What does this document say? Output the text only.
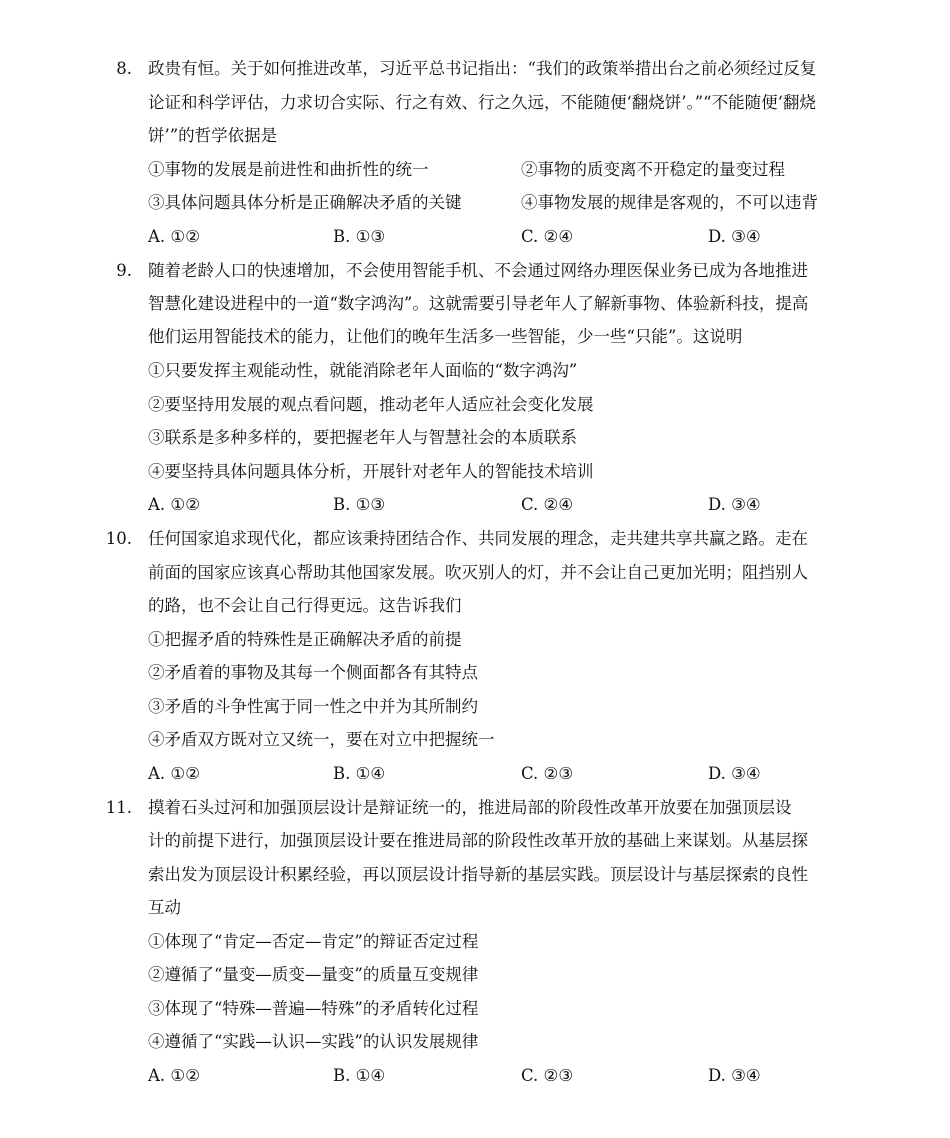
8. 政贵有恒。关于如何推进改革，习近平总书记指出：“我们的政策举措出台之前必须经过反复
论证和科学评估，力求切合实际、行之有效、行之久远，不能随便‘翻烧饼’。”“不能随便‘翻烧
饼’”的哲学依据是
①事物的发展是前进性和曲折性的统一	②事物的质变离不开稳定的量变过程
③具体问题具体分析是正确解决矛盾的关键	④事物发展的规律是客观的，不可以违背
A. ①②	B. ①③	C. ②④	D. ③④
9. 随着老龄人口的快速增加，不会使用智能手机、不会通过网络办理医保业务已成为各地推进
智慧化建设进程中的一道“数字鸿沟”。这就需要引导老年人了解新事物、体验新科技，提高
他们运用智能技术的能力，让他们的晚年生活多一些智能，少一些“只能”。这说明
①只要发挥主观能动性，就能消除老年人面临的“数字鸿沟”
②要坚持用发展的观点看问题，推动老年人适应社会变化发展
③联系是多种多样的，要把握老年人与智慧社会的本质联系
④要坚持具体问题具体分析，开展针对老年人的智能技术培训
A. ①②	B. ①③	C. ②④	D. ③④
10. 任何国家追求现代化，都应该秉持团结合作、共同发展的理念，走共建共享共赢之路。走在
前面的国家应该真心帮助其他国家发展。吹灭别人的灯，并不会让自己更加光明；阻挡别人
的路，也不会让自己行得更远。这告诉我们
①把握矛盾的特殊性是正确解决矛盾的前提
②矛盾着的事物及其每一个侧面都各有其特点
③矛盾的斗争性寓于同一性之中并为其所制约
④矛盾双方既对立又统一，要在对立中把握统一
A. ①②	B. ①④	C. ②③	D. ③④
11. 摸着石头过河和加强顶层设计是辩证统一的，推进局部的阶段性改革开放要在加强顶层设
计的前提下进行，加强顶层设计要在推进局部的阶段性改革开放的基础上来谋划。从基层探
索出发为顶层设计积累经验，再以顶层设计指导新的基层实践。顶层设计与基层探索的良性
互动
①体现了“肯定—否定—肯定”的辩证否定过程
②遵循了“量变—质变—量变”的质量互变规律
③体现了“特殊—普遍—特殊”的矛盾转化过程
④遵循了“实践—认识—实践”的认识发展规律
A. ①②	B. ①④	C. ②③	D. ③④
